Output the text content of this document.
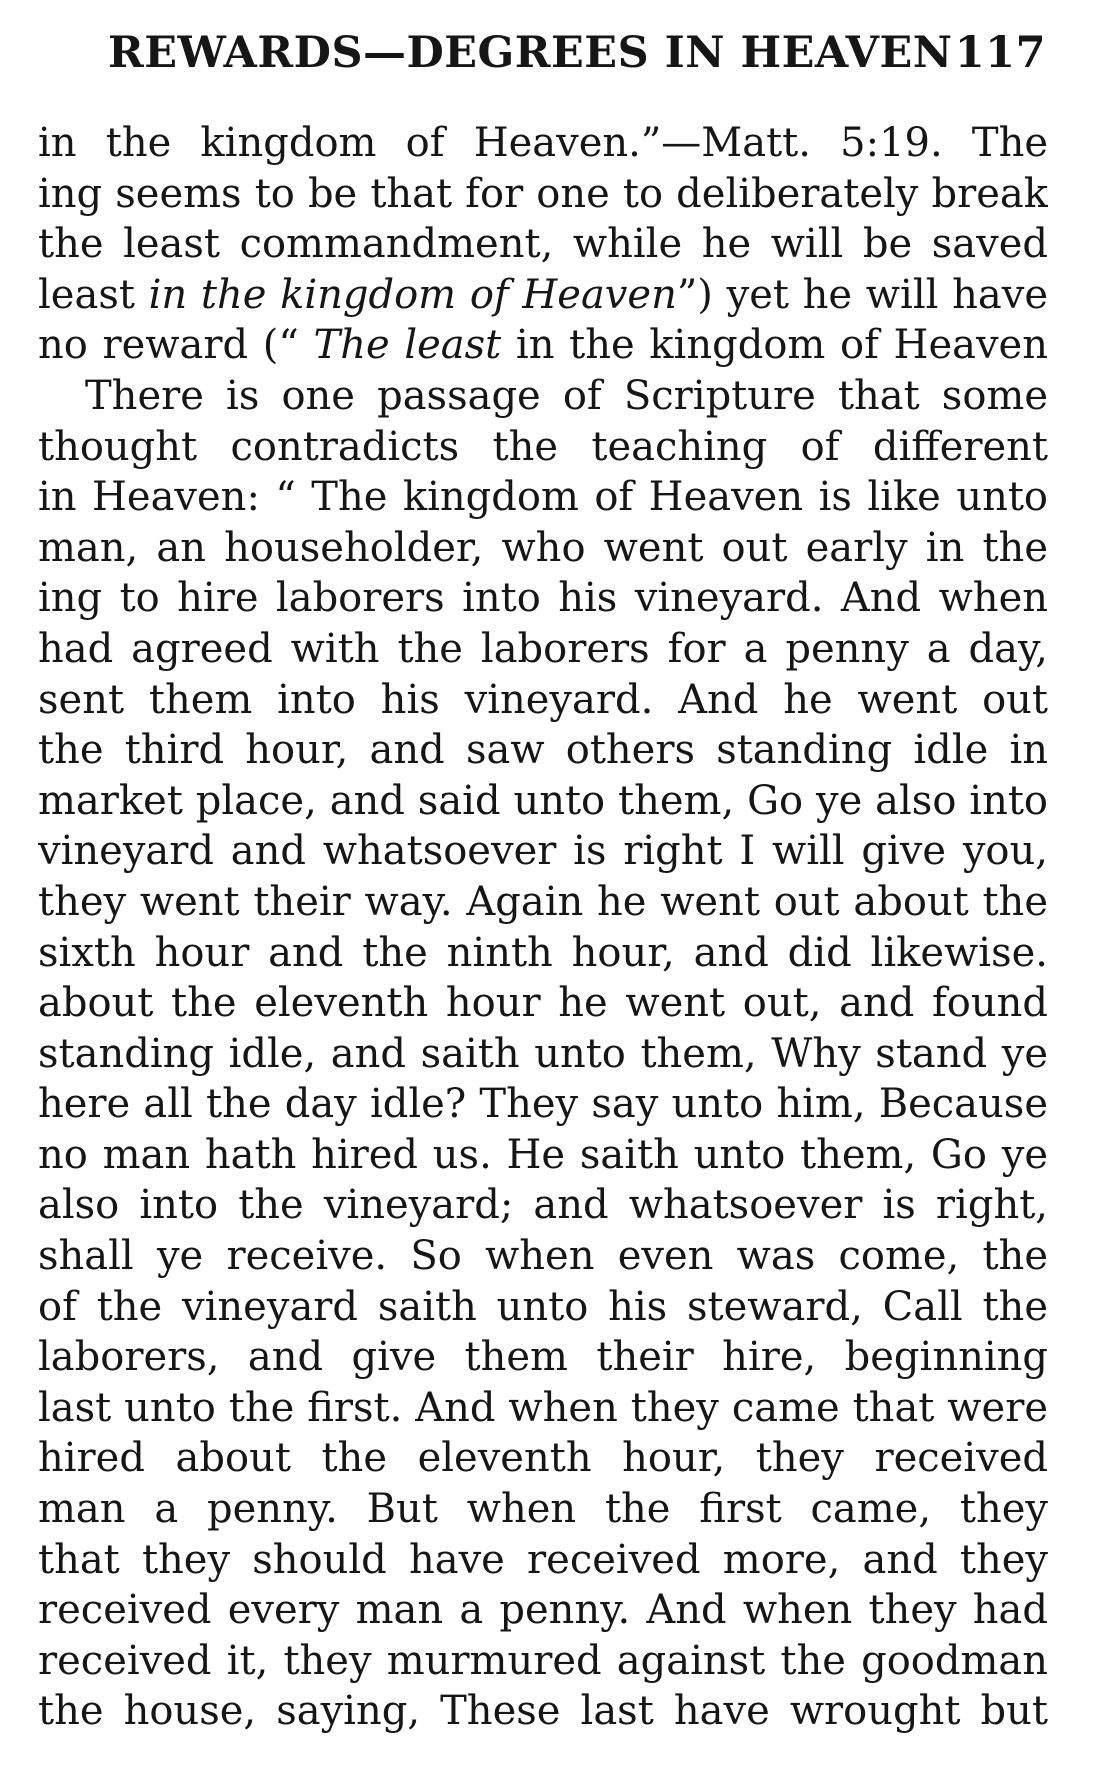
REWARDS—DEGREES IN HEAVEN 117
in the kingdom of Heaven.”—Matt. 5:19. The
ing seems to be that for one to deliberately break
the least commandment, while he will be saved
least in the kingdom of Heaven”) yet he will have
no reward (“ The least in the kingdom of Heaven
There is one passage of Scripture that some
thought contradicts the teaching of different
in Heaven: “ The kingdom of Heaven is like unto
man, an householder, who went out early in the
ing to hire laborers into his vineyard. And when
had agreed with the laborers for a penny a day,
sent them into his vineyard. And he went out
the third hour, and saw others standing idle in
market place, and said unto them, Go ye also into
vineyard and whatsoever is right I will give you,
they went their way. Again he went out about the
sixth hour and the ninth hour, and did likewise.
about the eleventh hour he went out, and found
standing idle, and saith unto them, Why stand ye
here all the day idle? They say unto him, Because
no man hath hired us. He saith unto them, Go ye
also into the vineyard; and whatsoever is right,
shall ye receive. So when even was come, the
of the vineyard saith unto his steward, Call the
laborers, and give them their hire, beginning
last unto the first. And when they came that were
hired about the eleventh hour, they received
man a penny. But when the first came, they
that they should have received more, and they
received every man a penny. And when they had
received it, they murmured against the goodman
the house, saying, These last have wrought but
